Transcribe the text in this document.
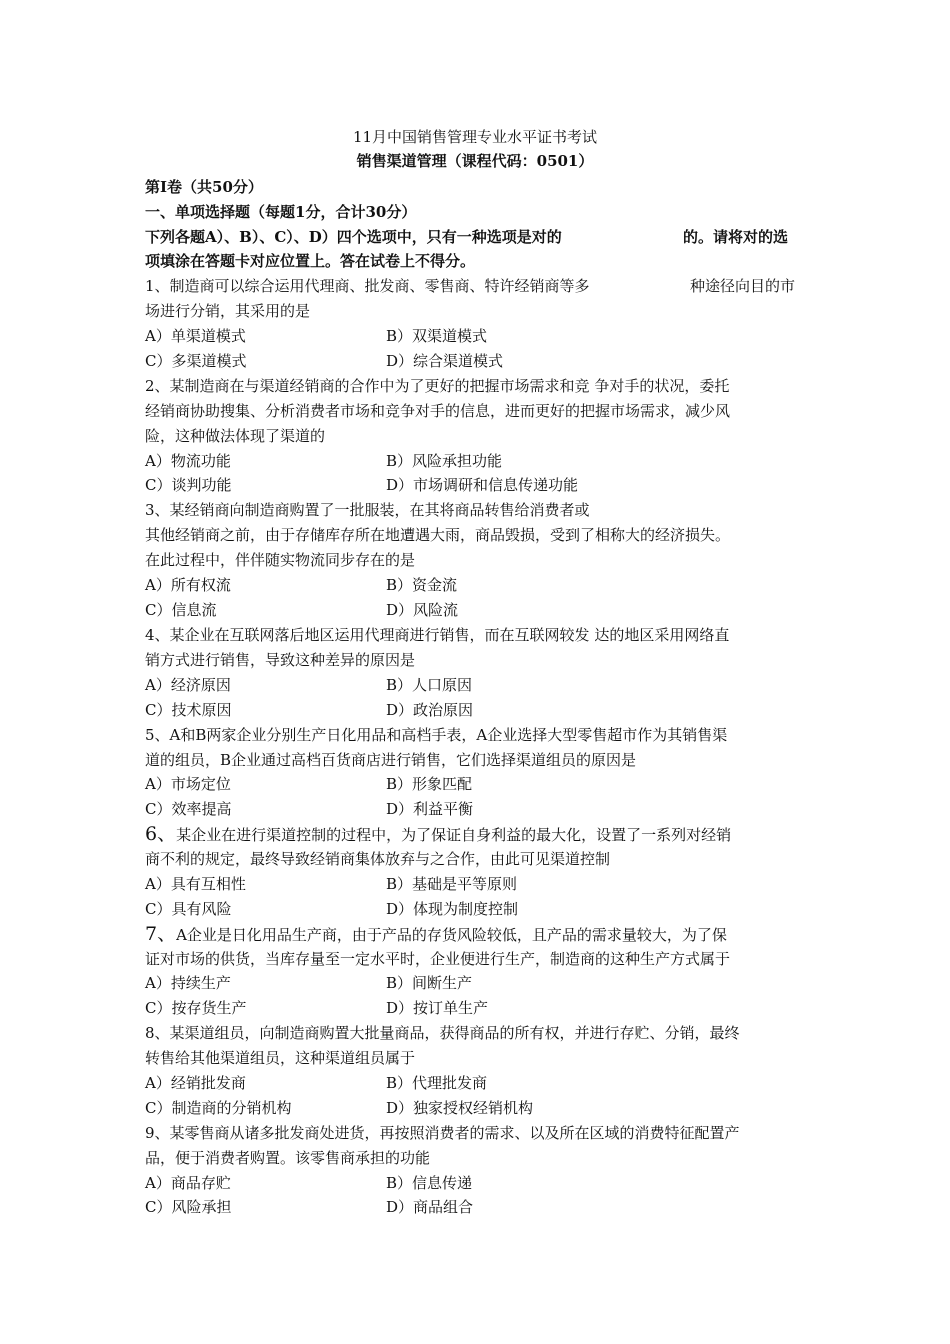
11月中国销售管理专业水平证书考试
销售渠道管理（课程代码：0501）
第Ⅰ卷（共50分）
一、单项选择题（每题1分，合计30分）
下列各题A）、B）、C）、D）四个选项中，只有一种选项是对的	的。请将对的选
项填涂在答题卡对应位置上。答在试卷上不得分。
1、制造商可以综合运用代理商、批发商、零售商、特许经销商等多	种途径向目的市
场进行分销，其采用的是
A）单渠道模式	B）双渠道模式
C）多渠道模式	D）综合渠道模式
2、某制造商在与渠道经销商的合作中为了更好的把握市场需求和竞 争对手的状况，委托
经销商协助搜集、分析消费者市场和竞争对手的信息，进而更好的把握市场需求，减少风
险，这种做法体现了渠道的
A）物流功能	B）风险承担功能
C）谈判功能	D）市场调研和信息传递功能
3、某经销商向制造商购置了一批服装，在其将商品转售给消费者或
其他经销商之前，由于存储库存所在地遭遇大雨，商品毁损，受到了相称大的经济损失。
在此过程中，伴伴随实物流同步存在的是
A）所有权流	B）资金流
C）信息流	D）风险流
4、某企业在互联网落后地区运用代理商进行销售，而在互联网较发 达的地区采用网络直
销方式进行销售，导致这种差异的原因是
A）经济原因	B）人口原因
C）技术原因	D）政治原因
5、A和B两家企业分别生产日化用品和高档手表，A企业选择大型零售超市作为其销售渠
道的组员，B企业通过高档百货商店进行销售，它们选择渠道组员的原因是
A）市场定位	B）形象匹配
C）效率提高	D）利益平衡
6、某企业在进行渠道控制的过程中，为了保证自身利益的最大化，设置了一系列对经销
商不利的规定，最终导致经销商集体放弃与之合作，由此可见渠道控制
A）具有互相性	B）基础是平等原则
C）具有风险	D）体现为制度控制
7、A企业是日化用品生产商，由于产品的存货风险较低，且产品的需求量较大，为了保
证对市场的供货，当库存量至一定水平时，企业便进行生产，制造商的这种生产方式属于
A）持续生产	B）间断生产
C）按存货生产	D）按订单生产
8、某渠道组员，向制造商购置大批量商品，获得商品的所有权，并进行存贮、分销，最终
转售给其他渠道组员，这种渠道组员属于
A）经销批发商	B）代理批发商
C）制造商的分销机构	D）独家授权经销机构
9、某零售商从诸多批发商处进货，再按照消费者的需求、以及所在区域的消费特征配置产
品，便于消费者购置。该零售商承担的功能
A）商品存贮	B）信息传递
C）风险承担	D）商品组合
